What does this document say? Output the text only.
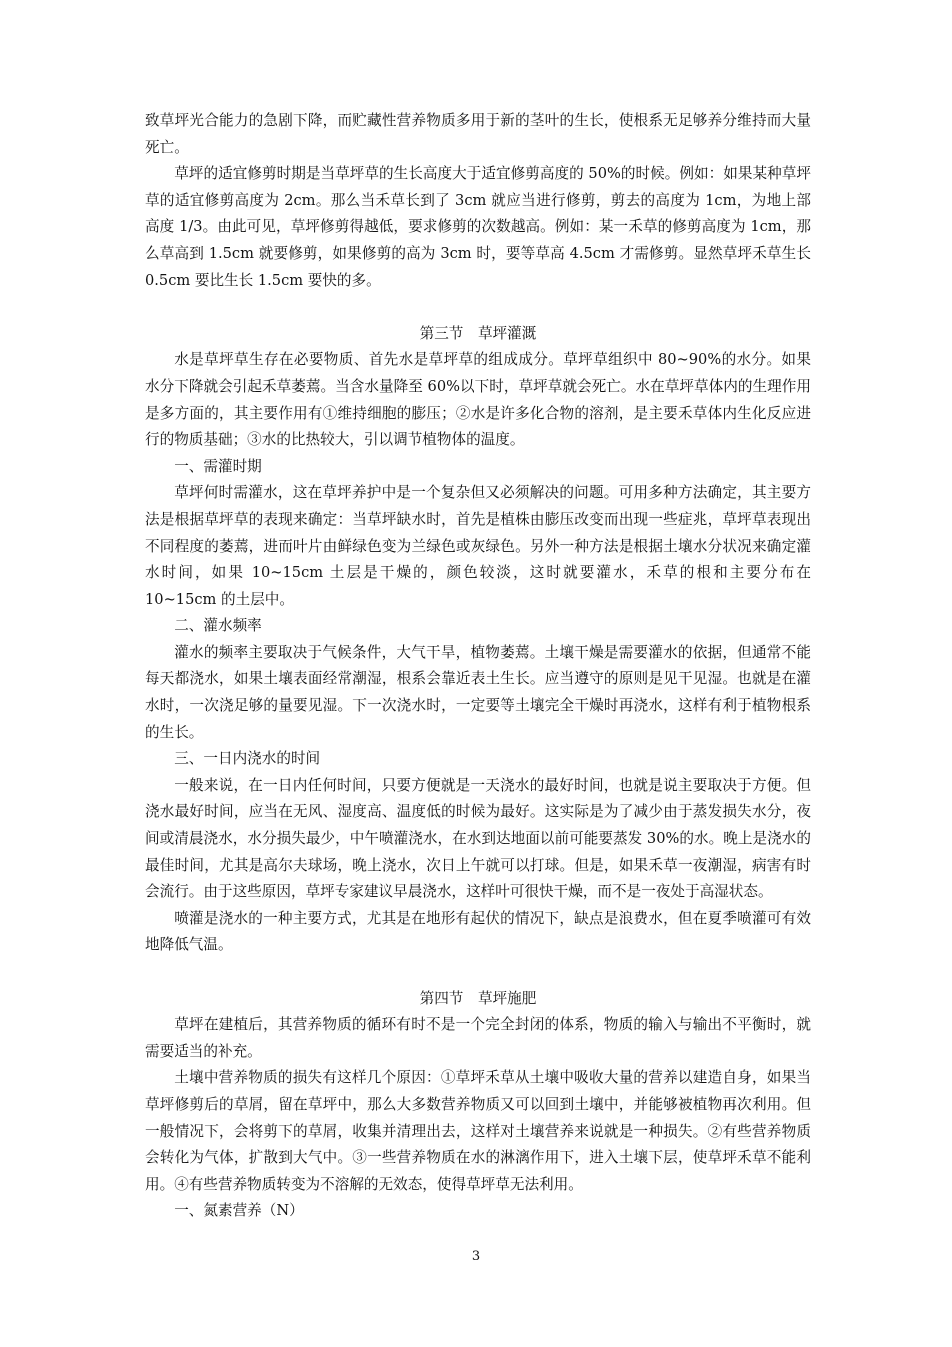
致草坪光合能力的急剧下降，而贮藏性营养物质多用于新的茎叶的生长，使根系无足够养分维持而大量死亡。

草坪的适宜修剪时期是当草坪草的生长高度大于适宜修剪高度的 50%的时候。例如：如果某种草坪草的适宜修剪高度为 2cm。那么当禾草长到了 3cm 就应当进行修剪，剪去的高度为 1cm，为地上部高度 1/3。由此可见，草坪修剪得越低，要求修剪的次数越高。例如：某一禾草的修剪高度为 1cm，那么草高到 1.5cm 就要修剪，如果修剪的高为 3cm 时，要等草高 4.5cm 才需修剪。显然草坪禾草生长 0.5cm 要比生长 1.5cm 要快的多。

第三节　草坪灌溉

水是草坪草生存在必要物质、首先水是草坪草的组成成分。草坪草组织中 80~90%的水分。如果水分下降就会引起禾草萎蔫。当含水量降至 60%以下时，草坪草就会死亡。水在草坪草体内的生理作用是多方面的，其主要作用有①维持细胞的膨压；②水是许多化合物的溶剂，是主要禾草体内生化反应进行的物质基础；③水的比热较大，引以调节植物体的温度。

一、需灌时期

草坪何时需灌水，这在草坪养护中是一个复杂但又必须解决的问题。可用多种方法确定，其主要方法是根据草坪草的表现来确定：当草坪缺水时，首先是植株由膨压改变而出现一些症兆，草坪草表现出不同程度的萎蔫，进而叶片由鲜绿色变为兰绿色或灰绿色。另外一种方法是根据土壤水分状况来确定灌水时间，如果 10~15cm 土层是干燥的，颜色较淡，这时就要灌水，禾草的根和主要分布在 10~15cm 的土层中。

二、灌水频率

灌水的频率主要取决于气候条件，大气干旱，植物萎蔫。土壤干燥是需要灌水的依据，但通常不能每天都浇水，如果土壤表面经常潮湿，根系会靠近表土生长。应当遵守的原则是见干见湿。也就是在灌水时，一次浇足够的量要见湿。下一次浇水时，一定要等土壤完全干燥时再浇水，这样有利于植物根系的生长。

三、一日内浇水的时间

一般来说，在一日内任何时间，只要方便就是一天浇水的最好时间，也就是说主要取决于方便。但浇水最好时间，应当在无风、湿度高、温度低的时候为最好。这实际是为了减少由于蒸发损失水分，夜间或清晨浇水，水分损失最少，中午喷灌浇水，在水到达地面以前可能要蒸发 30%的水。晚上是浇水的最佳时间，尤其是高尔夫球场，晚上浇水，次日上午就可以打球。但是，如果禾草一夜潮湿，病害有时会流行。由于这些原因，草坪专家建议早晨浇水，这样叶可很快干燥，而不是一夜处于高湿状态。

喷灌是浇水的一种主要方式，尤其是在地形有起伏的情况下，缺点是浪费水，但在夏季喷灌可有效地降低气温。

第四节　草坪施肥

草坪在建植后，其营养物质的循环有时不是一个完全封闭的体系，物质的输入与输出不平衡时，就需要适当的补充。

土壤中营养物质的损失有这样几个原因：①草坪禾草从土壤中吸收大量的营养以建造自身，如果当草坪修剪后的草屑，留在草坪中，那么大多数营养物质又可以回到土壤中，并能够被植物再次利用。但一般情况下，会将剪下的草屑，收集并清理出去，这样对土壤营养来说就是一种损失。②有些营养物质会转化为气体，扩散到大气中。③一些营养物质在水的淋漓作用下，进入土壤下层，使草坪禾草不能利用。④有些营养物质转变为不溶解的无效态，使得草坪草无法利用。

一、氮素营养（N）

3
